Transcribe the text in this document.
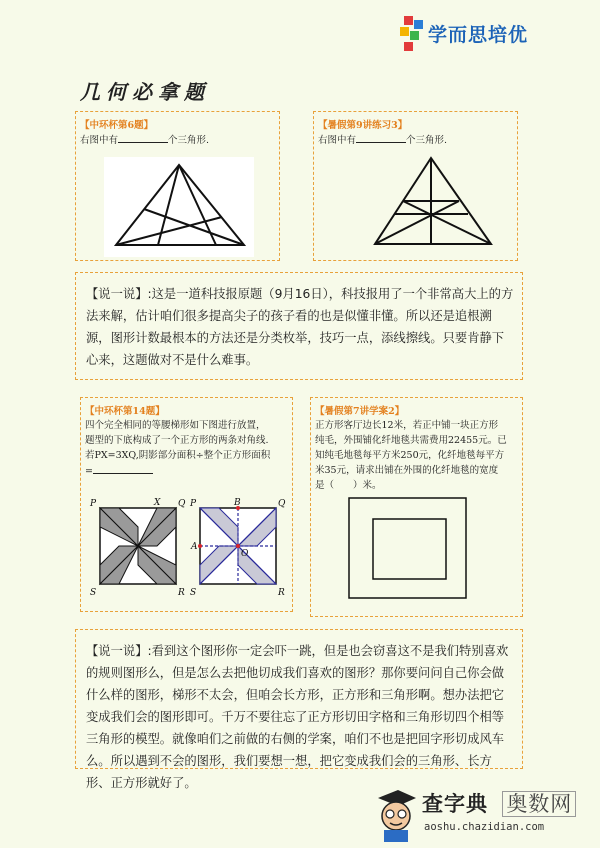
学而思培优
几何必拿题
【中环杯第6题】
右图中有	个三角形.
【暑假第9讲练习3】
右图中有	个三角形.
【说一说】:这是一道科技报原题（9月16日），科技报用了一个非常高大上的方法来解，估计咱们很多提高尖子的孩子看的也是似懂非懂。所以还是追根溯源，图形计数最根本的方法还是分类枚举，技巧一点，添线擦线。只要肯静下心来，这题做对不是什么难事。
【中环杯第14题】
四个完全相同的等腰梯形如下图进行放置，
题型的下底构成了一个正方形的两条对角线.
若PX=3XQ,阴影部分面积÷整个正方形面积
=
P	X Q
S	R
P	B	Q
A
O
S	R
【暑假第7讲学案2】
正方形客厅边长12米，若正中铺一块正方形
纯毛，外围铺化纤地毯共需费用22455元。已
知纯毛地毯每平方米250元，化纤地毯每平方
米35元，请求出铺在外围的化纤地毯的宽度
是（　　）米。
【说一说】:看到这个图形你一定会吓一跳，但是也会窃喜这不是我们特别喜欢的规则图形么，但是怎么去把他切成我们喜欢的图形？那你要问问自己你会做什么样的图形，梯形不太会，但咱会长方形，正方形和三角形啊。想办法把它变成我们会的图形即可。千万不要往忘了正方形切田字格和三角形切四个相等三角形的模型。就像咱们之前做的右侧的学案，咱们不也是把回字形切成风车么。所以遇到不会的图形，我们要想一想，把它变成我们会的三角形、长方形、正方形就好了。
查字典 奥数网
aoshu.chazidian.com
